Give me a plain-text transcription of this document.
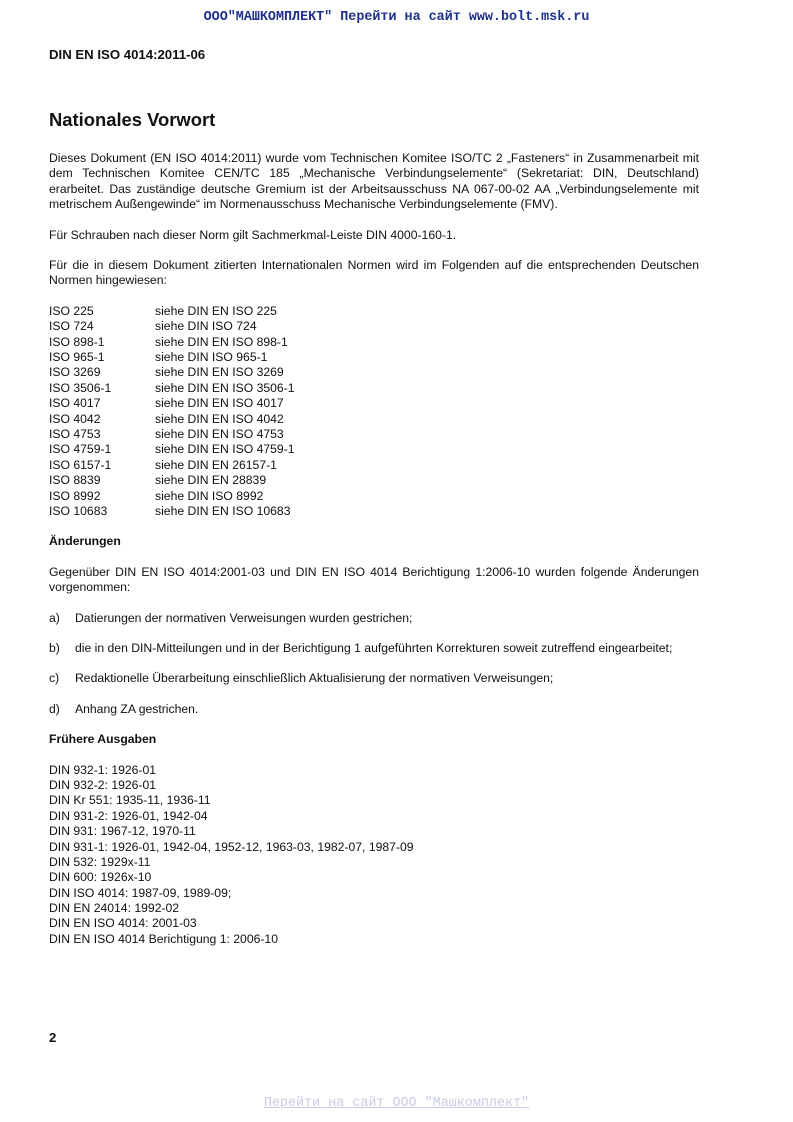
ООО"МАШКОМПЛЕКТ" Перейти на сайт www.bolt.msk.ru
DIN EN ISO 4014:2011-06
Nationales Vorwort

Dieses Dokument (EN ISO 4014:2011) wurde vom Technischen Komitee ISO/TC 2 „Fasteners“ in Zusammenarbeit mit dem Technischen Komitee CEN/TC 185 „Mechanische Verbindungselemente“ (Sekretariat: DIN, Deutschland) erarbeitet. Das zuständige deutsche Gremium ist der Arbeitsausschuss NA 067-00-02 AA „Verbindungselemente mit metrischem Außengewinde“ im Normenausschuss Mechanische Verbindungselemente (FMV).

Für Schrauben nach dieser Norm gilt Sachmerkmal-Leiste DIN 4000-160-1.

Für die in diesem Dokument zitierten Internationalen Normen wird im Folgenden auf die entsprechenden Deutschen Normen hingewiesen:

ISO 225	siehe DIN EN ISO 225
ISO 724	siehe DIN ISO 724
ISO 898-1	siehe DIN EN ISO 898-1
ISO 965-1	siehe DIN ISO 965-1
ISO 3269	siehe DIN EN ISO 3269
ISO 3506-1	siehe DIN EN ISO 3506-1
ISO 4017	siehe DIN EN ISO 4017
ISO 4042	siehe DIN EN ISO 4042
ISO 4753	siehe DIN EN ISO 4753
ISO 4759-1	siehe DIN EN ISO 4759-1
ISO 6157-1	siehe DIN EN 26157-1
ISO 8839	siehe DIN EN 28839
ISO 8992	siehe DIN ISO 8992
ISO 10683	siehe DIN EN ISO 10683

Änderungen

Gegenüber DIN EN ISO 4014:2001-03 und DIN EN ISO 4014 Berichtigung 1:2006-10 wurden folgende Änderungen vorgenommen:

a)	Datierungen der normativen Verweisungen wurden gestrichen;
b)	die in den DIN-Mitteilungen und in der Berichtigung 1 aufgeführten Korrekturen soweit zutreffend eingearbeitet;
c)	Redaktionelle Überarbeitung einschließlich Aktualisierung der normativen Verweisungen;
d)	Anhang ZA gestrichen.

Frühere Ausgaben

DIN 932-1: 1926-01
DIN 932-2: 1926-01
DIN Kr 551: 1935-11, 1936-11
DIN 931-2: 1926-01, 1942-04
DIN 931: 1967-12, 1970-11
DIN 931-1: 1926-01, 1942-04, 1952-12, 1963-03, 1982-07, 1987-09
DIN 532: 1929x-11
DIN 600: 1926x-10
DIN ISO 4014: 1987-09, 1989-09;
DIN EN 24014: 1992-02
DIN EN ISO 4014: 2001-03
DIN EN ISO 4014 Berichtigung 1: 2006-10
2
Перейти на сайт ООО "Машкомплект"
